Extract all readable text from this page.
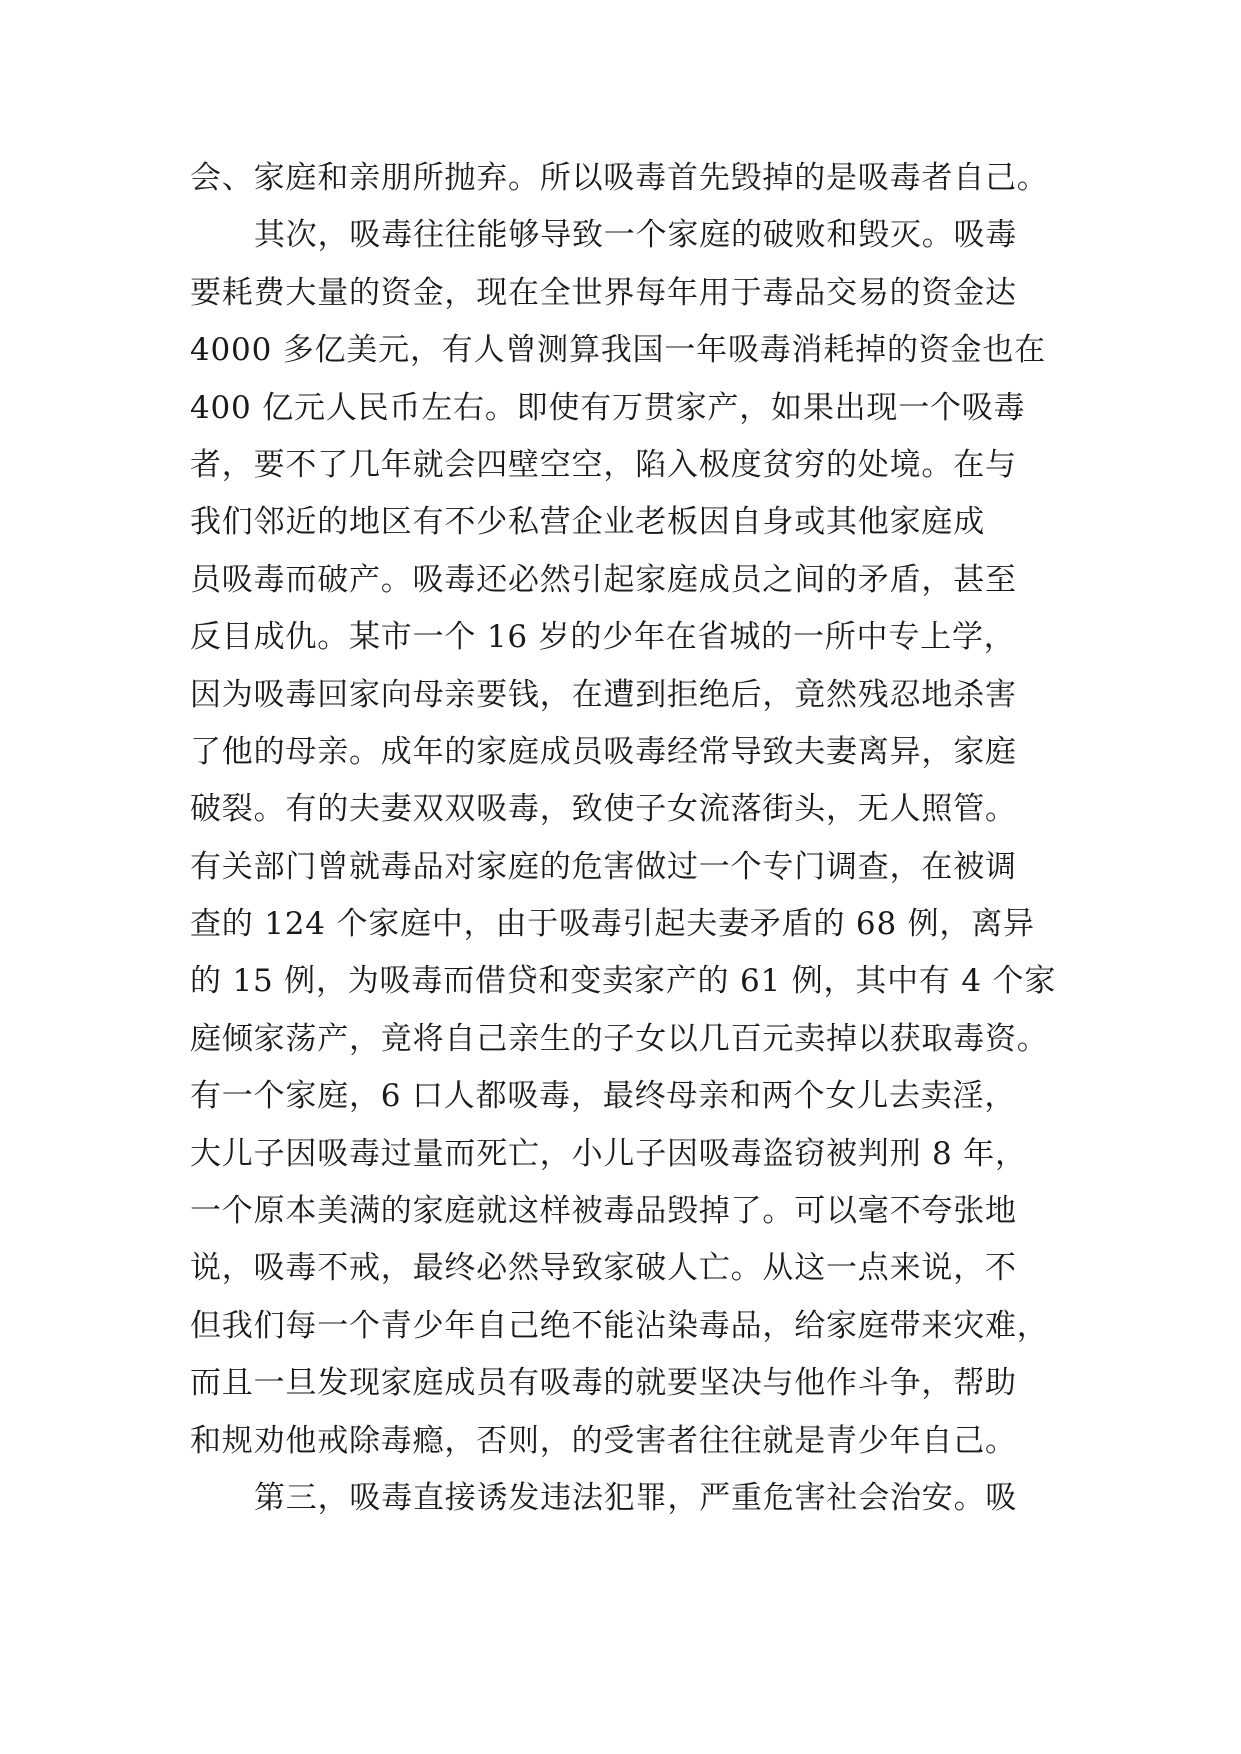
会、家庭和亲朋所抛弃。所以吸毒首先毁掉的是吸毒者自己。
其次，吸毒往往能够导致一个家庭的破败和毁灭。吸毒
要耗费大量的资金，现在全世界每年用于毒品交易的资金达
4000 多亿美元，有人曾测算我国一年吸毒消耗掉的资金也在
400 亿元人民币左右。即使有万贯家产，如果出现一个吸毒
者，要不了几年就会四壁空空，陷入极度贫穷的处境。在与
我们邻近的地区有不少私营企业老板因自身或其他家庭成
员吸毒而破产。吸毒还必然引起家庭成员之间的矛盾，甚至
反目成仇。某市一个 16 岁的少年在省城的一所中专上学，
因为吸毒回家向母亲要钱，在遭到拒绝后，竟然残忍地杀害
了他的母亲。成年的家庭成员吸毒经常导致夫妻离异，家庭
破裂。有的夫妻双双吸毒，致使子女流落街头，无人照管。
有关部门曾就毒品对家庭的危害做过一个专门调查，在被调
查的 124 个家庭中，由于吸毒引起夫妻矛盾的 68 例，离异
的 15 例，为吸毒而借贷和变卖家产的 61 例，其中有 4 个家
庭倾家荡产，竟将自己亲生的子女以几百元卖掉以获取毒资。
有一个家庭，6 口人都吸毒，最终母亲和两个女儿去卖淫，
大儿子因吸毒过量而死亡，小儿子因吸毒盗窃被判刑 8 年，
一个原本美满的家庭就这样被毒品毁掉了。可以毫不夸张地
说，吸毒不戒，最终必然导致家破人亡。从这一点来说，不
但我们每一个青少年自己绝不能沾染毒品，给家庭带来灾难，
而且一旦发现家庭成员有吸毒的就要坚决与他作斗争，帮助
和规劝他戒除毒瘾，否则，的受害者往往就是青少年自己。
第三，吸毒直接诱发违法犯罪，严重危害社会治安。吸
